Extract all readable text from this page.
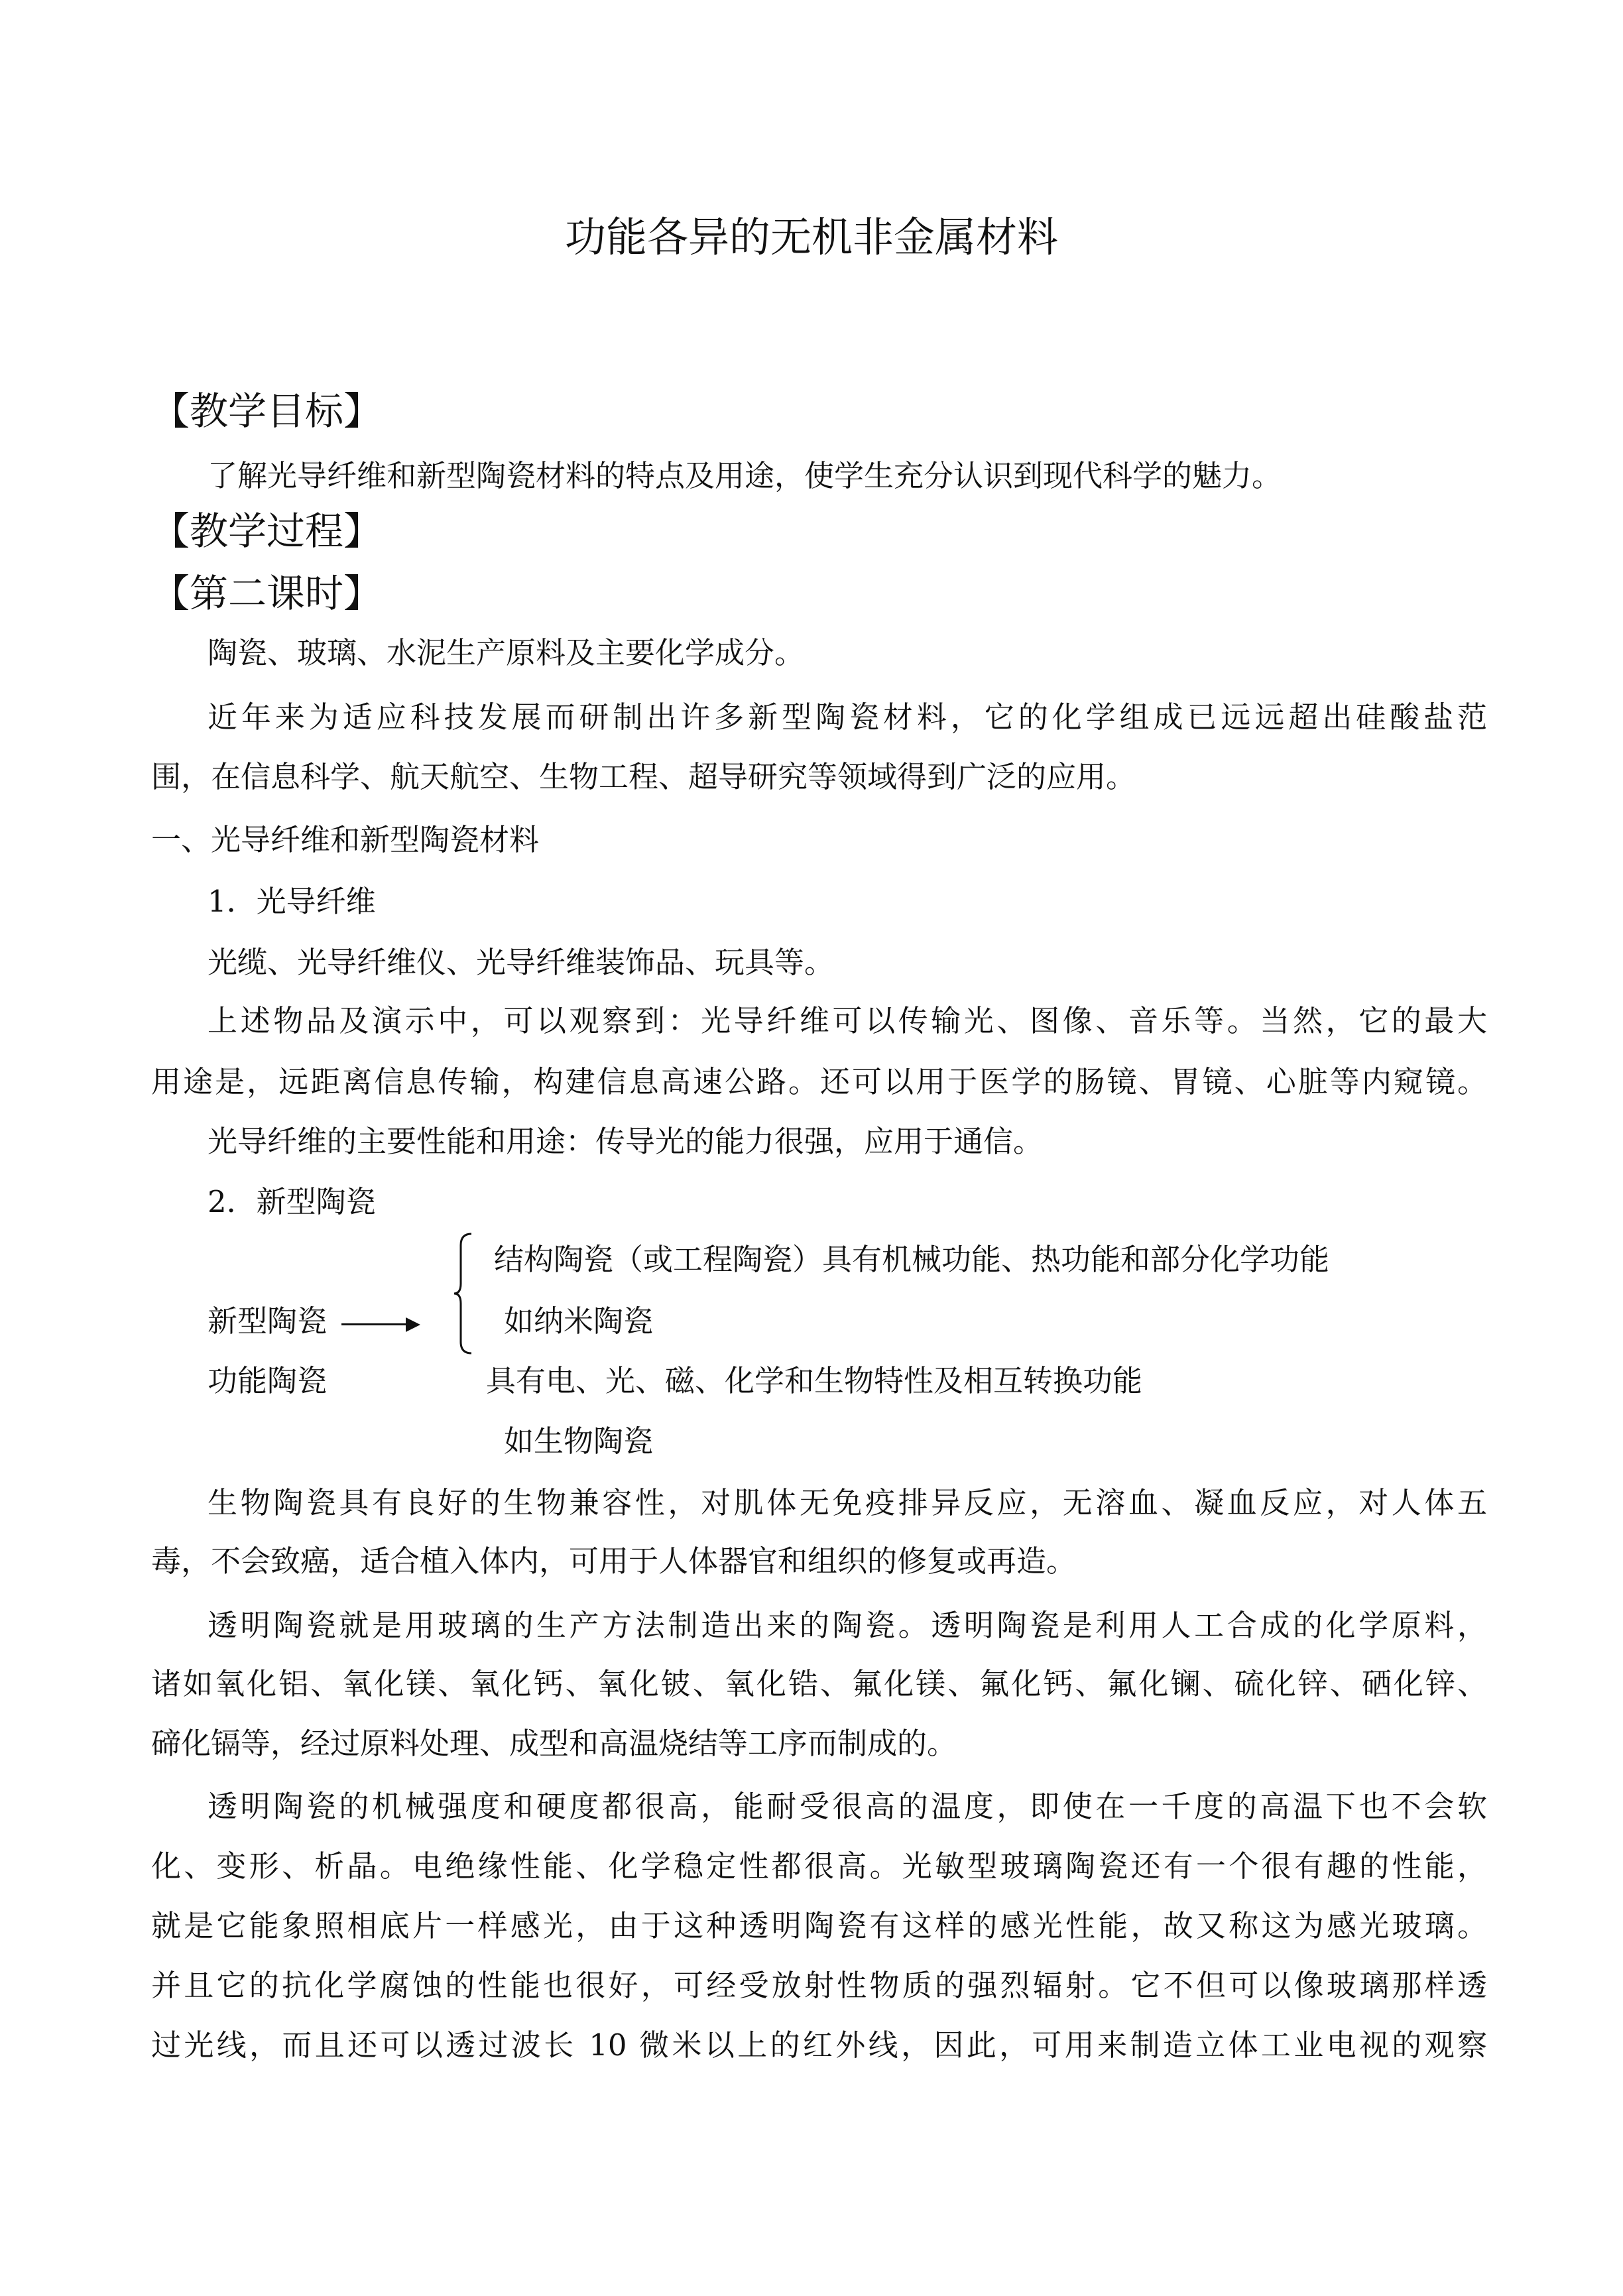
功能各异的无机非金属材料
【教学目标】
了解光导纤维和新型陶瓷材料的特点及用途，使学生充分认识到现代科学的魅力。
【教学过程】
【第二课时】
陶瓷、玻璃、水泥生产原料及主要化学成分。
近年来为适应科技发展而研制出许多新型陶瓷材料，它的化学组成已远远超出硅酸盐范
围，在信息科学、航天航空、生物工程、超导研究等领域得到广泛的应用。
一、光导纤维和新型陶瓷材料
1．光导纤维
光缆、光导纤维仪、光导纤维装饰品、玩具等。
上述物品及演示中，可以观察到：光导纤维可以传输光、图像、音乐等。当然，它的最大
用途是，远距离信息传输，构建信息高速公路。还可以用于医学的肠镜、胃镜、心脏等内窥镜。
光导纤维的主要性能和用途：传导光的能力很强，应用于通信。
2．新型陶瓷
结构陶瓷（或工程陶瓷）具有机械功能、热功能和部分化学功能
如纳米陶瓷
新型陶瓷
功能陶瓷	具有电、光、磁、化学和生物特性及相互转换功能
如生物陶瓷
生物陶瓷具有良好的生物兼容性，对肌体无免疫排异反应，无溶血、凝血反应，对人体五
毒，不会致癌，适合植入体内，可用于人体器官和组织的修复或再造。
透明陶瓷就是用玻璃的生产方法制造出来的陶瓷。透明陶瓷是利用人工合成的化学原料，
诸如氧化铝、氧化镁、氧化钙、氧化铍、氧化锆、氟化镁、氟化钙、氟化镧、硫化锌、硒化锌、
碲化镉等，经过原料处理、成型和高温烧结等工序而制成的。
透明陶瓷的机械强度和硬度都很高，能耐受很高的温度，即使在一千度的高温下也不会软
化、变形、析晶。电绝缘性能、化学稳定性都很高。光敏型玻璃陶瓷还有一个很有趣的性能，
就是它能象照相底片一样感光，由于这种透明陶瓷有这样的感光性能，故又称这为感光玻璃。
并且它的抗化学腐蚀的性能也很好，可经受放射性物质的强烈辐射。它不但可以像玻璃那样透
过光线，而且还可以透过波长 10 微米以上的红外线，因此，可用来制造立体工业电视的观察
